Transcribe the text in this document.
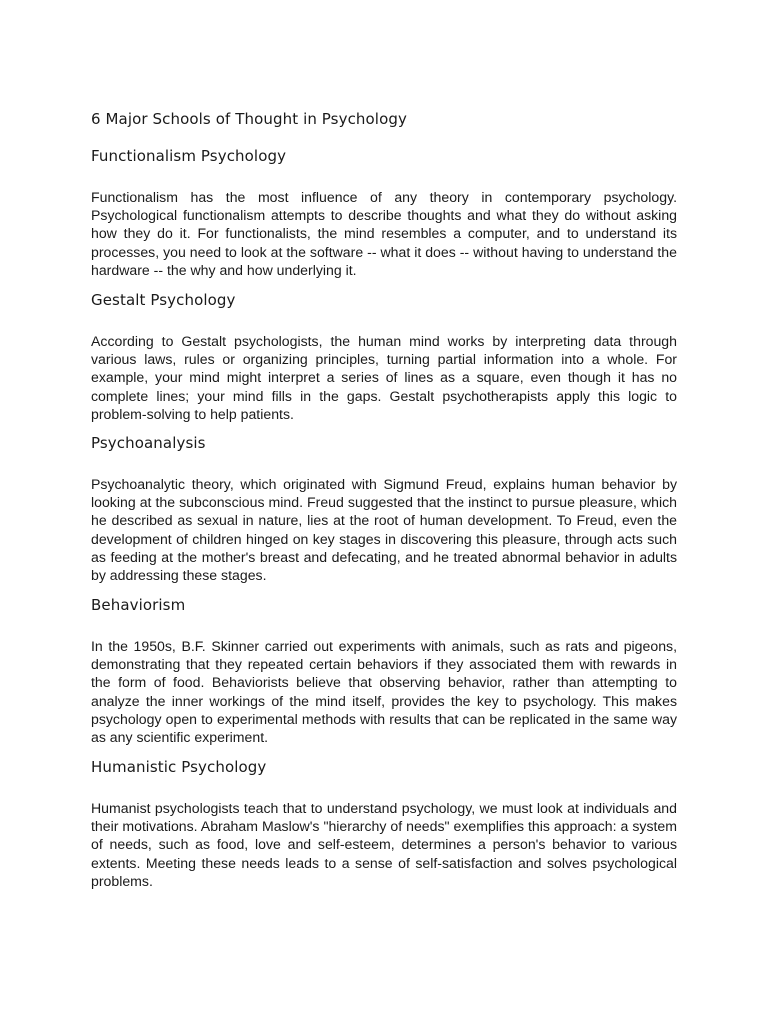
6 Major Schools of Thought in Psychology
Functionalism Psychology

Functionalism has the most influence of any theory in contemporary psychology. Psychological functionalism attempts to describe thoughts and what they do without asking how they do it. For functionalists, the mind resembles a computer, and to understand its processes, you need to look at the software -- what it does -- without having to understand the hardware -- the why and how underlying it.

Gestalt Psychology

According to Gestalt psychologists, the human mind works by interpreting data through various laws, rules or organizing principles, turning partial information into a whole. For example, your mind might interpret a series of lines as a square, even though it has no complete lines; your mind fills in the gaps. Gestalt psychotherapists apply this logic to problem-solving to help patients.

Psychoanalysis

Psychoanalytic theory, which originated with Sigmund Freud, explains human behavior by looking at the subconscious mind. Freud suggested that the instinct to pursue pleasure, which he described as sexual in nature, lies at the root of human development. To Freud, even the development of children hinged on key stages in discovering this pleasure, through acts such as feeding at the mother's breast and defecating, and he treated abnormal behavior in adults by addressing these stages.

Behaviorism

In the 1950s, B.F. Skinner carried out experiments with animals, such as rats and pigeons, demonstrating that they repeated certain behaviors if they associated them with rewards in the form of food. Behaviorists believe that observing behavior, rather than attempting to analyze the inner workings of the mind itself, provides the key to psychology. This makes psychology open to experimental methods with results that can be replicated in the same way as any scientific experiment.

Humanistic Psychology

Humanist psychologists teach that to understand psychology, we must look at individuals and their motivations. Abraham Maslow's "hierarchy of needs" exemplifies this approach: a system of needs, such as food, love and self-esteem, determines a person's behavior to various extents. Meeting these needs leads to a sense of self-satisfaction and solves psychological problems.
